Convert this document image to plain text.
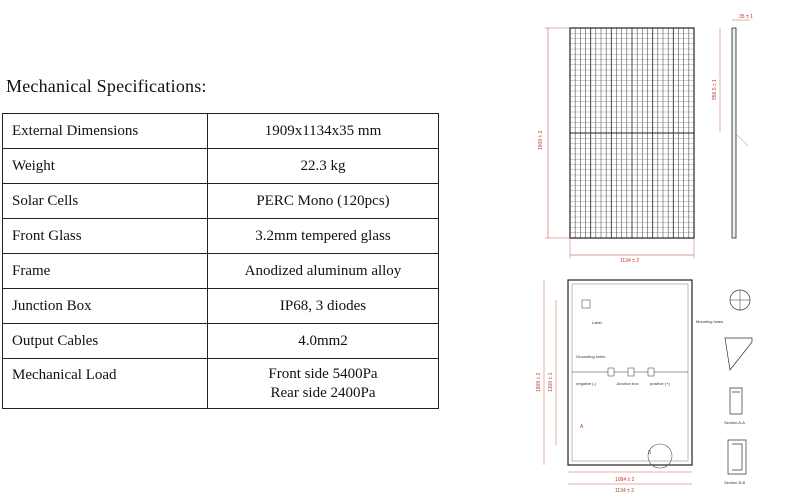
Mechanical Specifications:
External Dimensions	1909x1134x35 mm

Weight	22.3 kg

Solar Cells	PERC Mono (120pcs)

Front Glass	3.2mm tempered glass

Frame	Anodized aluminum alloy

Junction Box	IP68, 3 diodes

Output Cables	4.0mm2

Mechanical Load	Front side 5400Pa
Rear side 2400Pa
1909 ± 2
1134 ± 2
35 ± 1
956.5 ± 1
Label	Mounting holes
Grounding holes
negative (-)	Junction box	positive (+)
A
B
1084 ± 2
1134 ± 2
1909 ± 2 1300 ± 1
Section A-A
Section B-B
